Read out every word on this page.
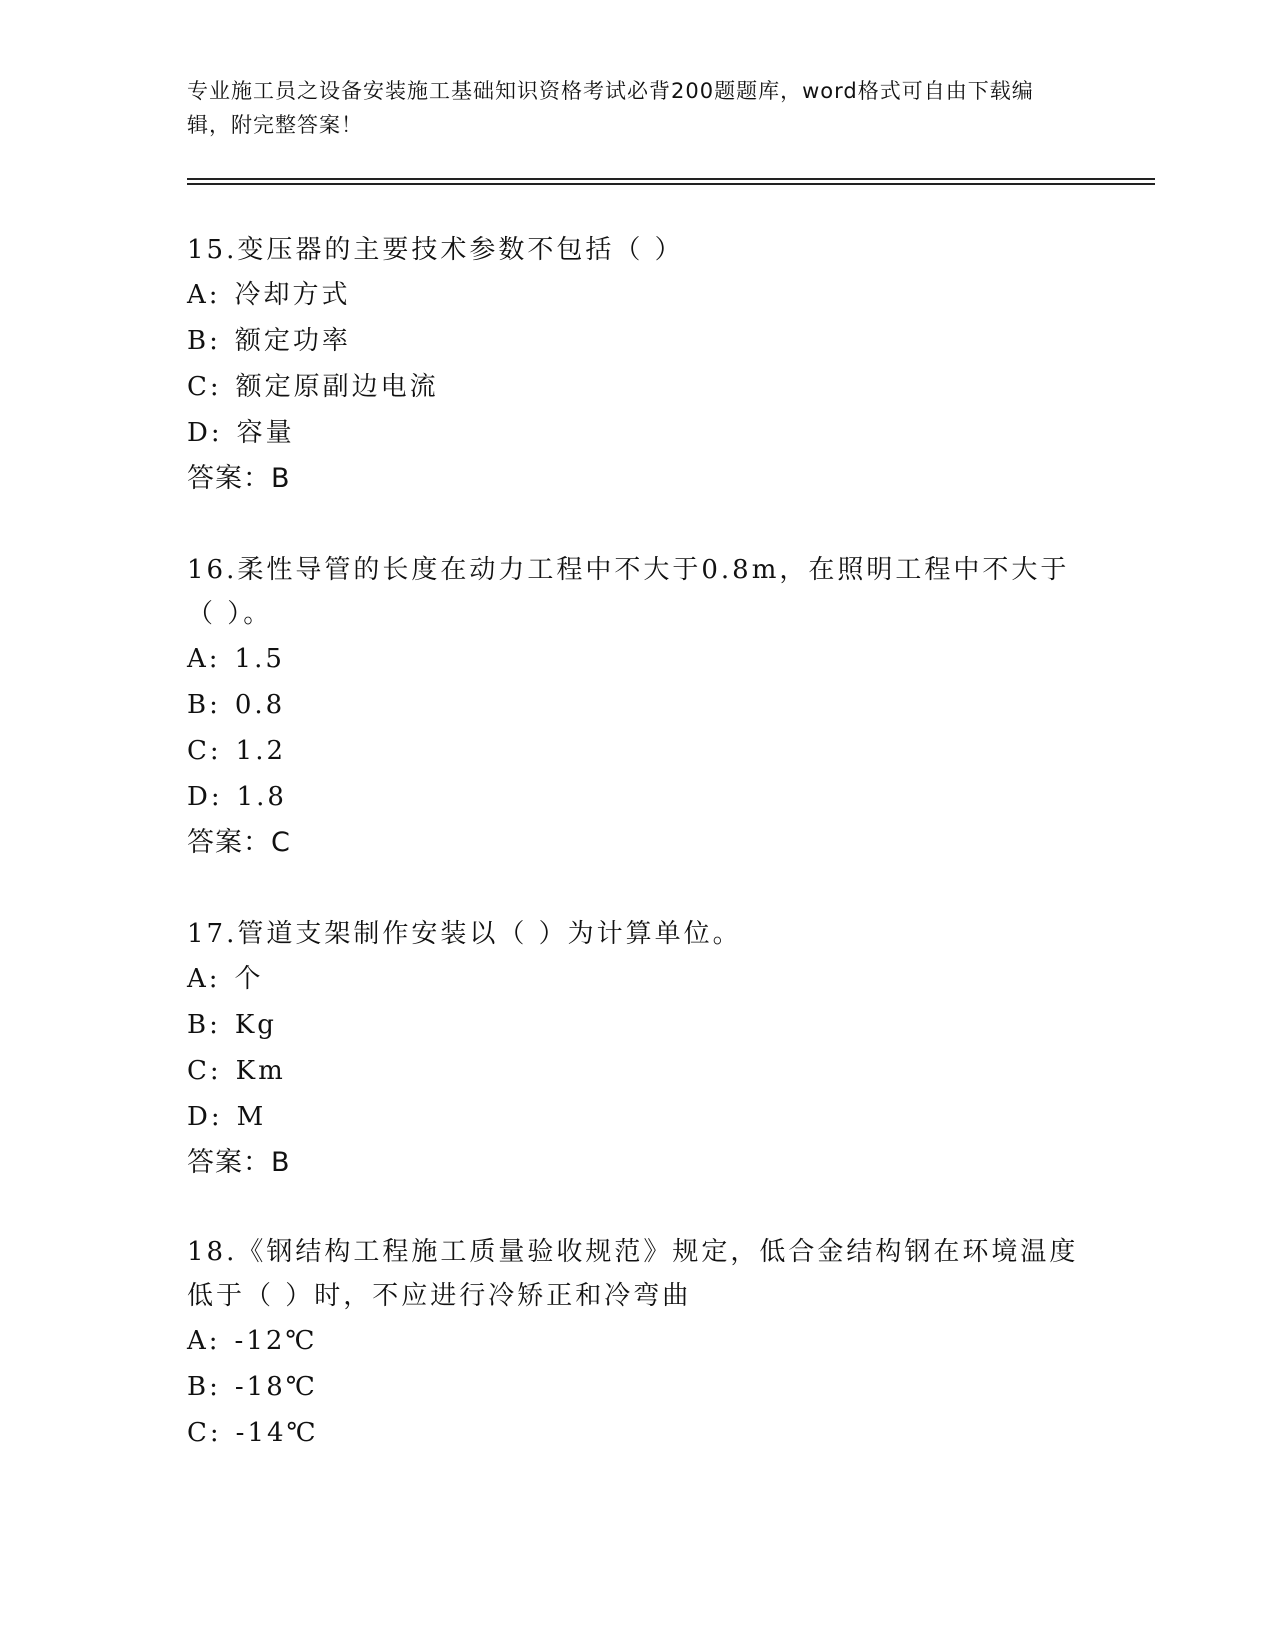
专业施工员之设备安装施工基础知识资格考试必背200题题库，word格式可自由下载编辑，附完整答案！
15.变压器的主要技术参数不包括（ ）
A: 冷却方式
B: 额定功率
C: 额定原副边电流
D: 容量
答案：B
16.柔性导管的长度在动力工程中不大于0.8m，在照明工程中不大于（ ）。
A: 1.5
B: 0.8
C: 1.2
D: 1.8
答案：C
17.管道支架制作安装以（ ）为计算单位。
A: 个
B: Kg
C: Km
D: M
答案：B
18.《钢结构工程施工质量验收规范》规定，低合金结构钢在环境温度低于（ ）时，不应进行冷矫正和冷弯曲
A: -12℃
B: -18℃
C: -14℃
